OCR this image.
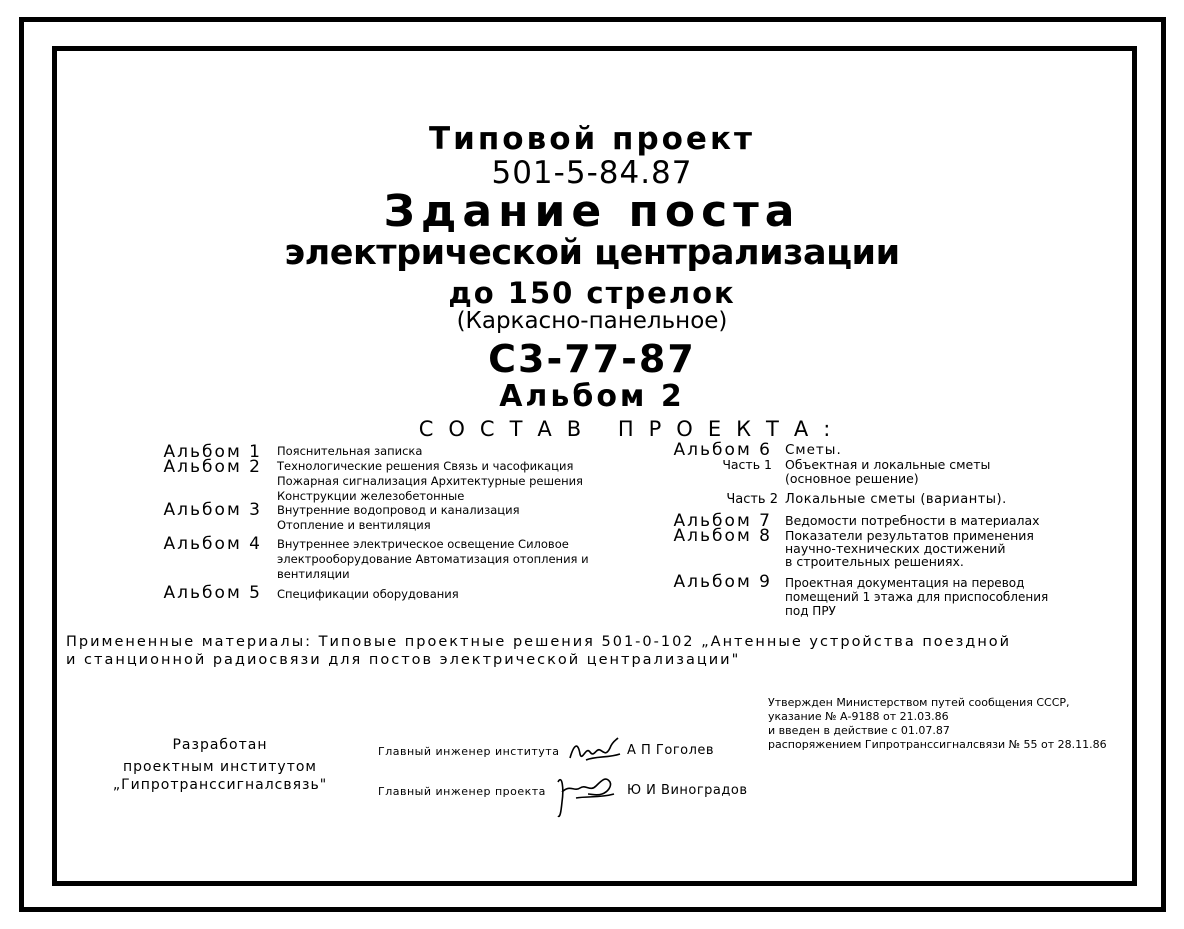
Типовой проект
501-5-84.87
Здание поста
электрической централизации
до 150 стрелок
(Каркасно-панельное)
С3-77-87
Альбом 2
СОСТАВ ПРОЕКТА:
Альбом 1 Пояснительная записка
Альбом 2 Технологические решения Связь и часофикация
Пожарная сигнализация Архитектурные решения
Конструкции железобетонные
Альбом 3 Внутренние водопровод и канализация
Отопление и вентиляция
Альбом 4 Внутреннее электрическое освещение Силовое
электрооборудование Автоматизация отопления и
вентиляции
Альбом 5 Спецификации оборудования
Альбом 6 Сметы.
Часть 1 Объектная и локальные сметы
(основное решение)
Часть 2 Локальные сметы (варианты).
Альбом 7 Ведомости потребности в материалах
Альбом 8 Показатели результатов применения
научно-технических достижений
в строительных решениях.
Альбом 9 Проектная документация на перевод
помещений 1 этажа для приспособления
под ПРУ
Примененные материалы: Типовые проектные решения 501-0-102 „Антенные устройства поездной
и станционной радиосвязи для постов электрической централизации"
Утвержден Министерством путей сообщения СССР,
указание № А-9188 от 21.03.86
и введен в действие с 01.07.87
распоряжением Гипротранссигналсвязи № 55 от 28.11.86
Разработан
проектным институтом
„Гипротранссигналсвязь"
Главный инженер института	А П Гоголев
Главный инженер проекта	Ю И Виноградов
